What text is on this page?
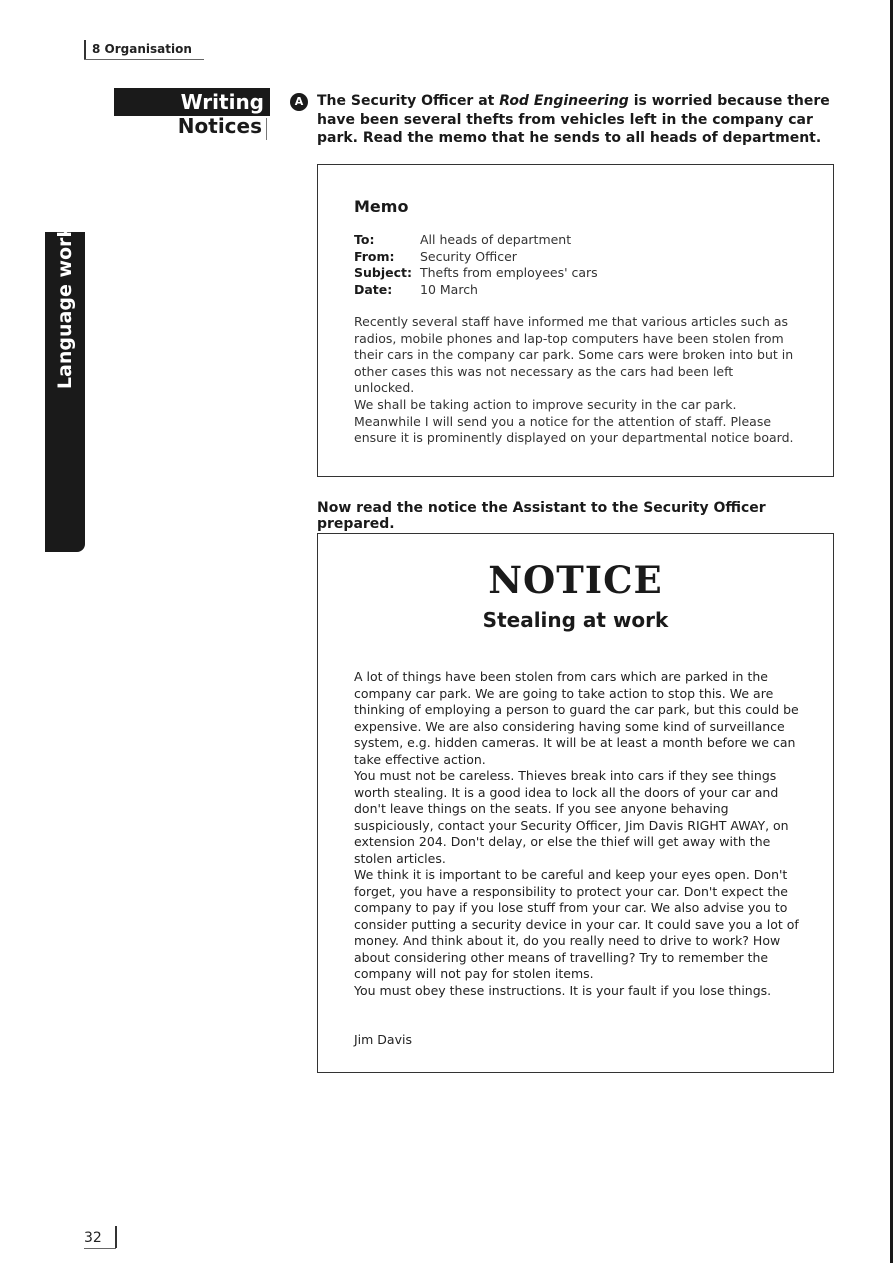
8 Organisation
Writing
Notices
Language work
A The Security Officer at Rod Engineering is worried because there have been several thefts from vehicles left in the company car park. Read the memo that he sends to all heads of department.
Memo
To:	All heads of department
From:	Security Officer
Subject: Thefts from employees' cars
Date:	10 March
Recently several staff have informed me that various articles such as radios, mobile phones and lap-top computers have been stolen from their cars in the company car park. Some cars were broken into but in other cases this was not necessary as the cars had been left unlocked.
We shall be taking action to improve security in the car park. Meanwhile I will send you a notice for the attention of staff. Please ensure it is prominently displayed on your departmental notice board.
Now read the notice the Assistant to the Security Officer prepared.
NOTICE
Stealing at work
A lot of things have been stolen from cars which are parked in the company car park. We are going to take action to stop this. We are thinking of employing a person to guard the car park, but this could be expensive. We are also considering having some kind of surveillance system, e.g. hidden cameras. It will be at least a month before we can take effective action.
You must not be careless. Thieves break into cars if they see things worth stealing. It is a good idea to lock all the doors of your car and don't leave things on the seats. If you see anyone behaving suspiciously, contact your Security Officer, Jim Davis RIGHT AWAY, on extension 204. Don't delay, or else the thief will get away with the stolen articles.
We think it is important to be careful and keep your eyes open. Don't forget, you have a responsibility to protect your car. Don't expect the company to pay if you lose stuff from your car. We also advise you to consider putting a security device in your car. It could save you a lot of money. And think about it, do you really need to drive to work? How about considering other means of travelling? Try to remember the company will not pay for stolen items.
You must obey these instructions. It is your fault if you lose things.
Jim Davis
32
